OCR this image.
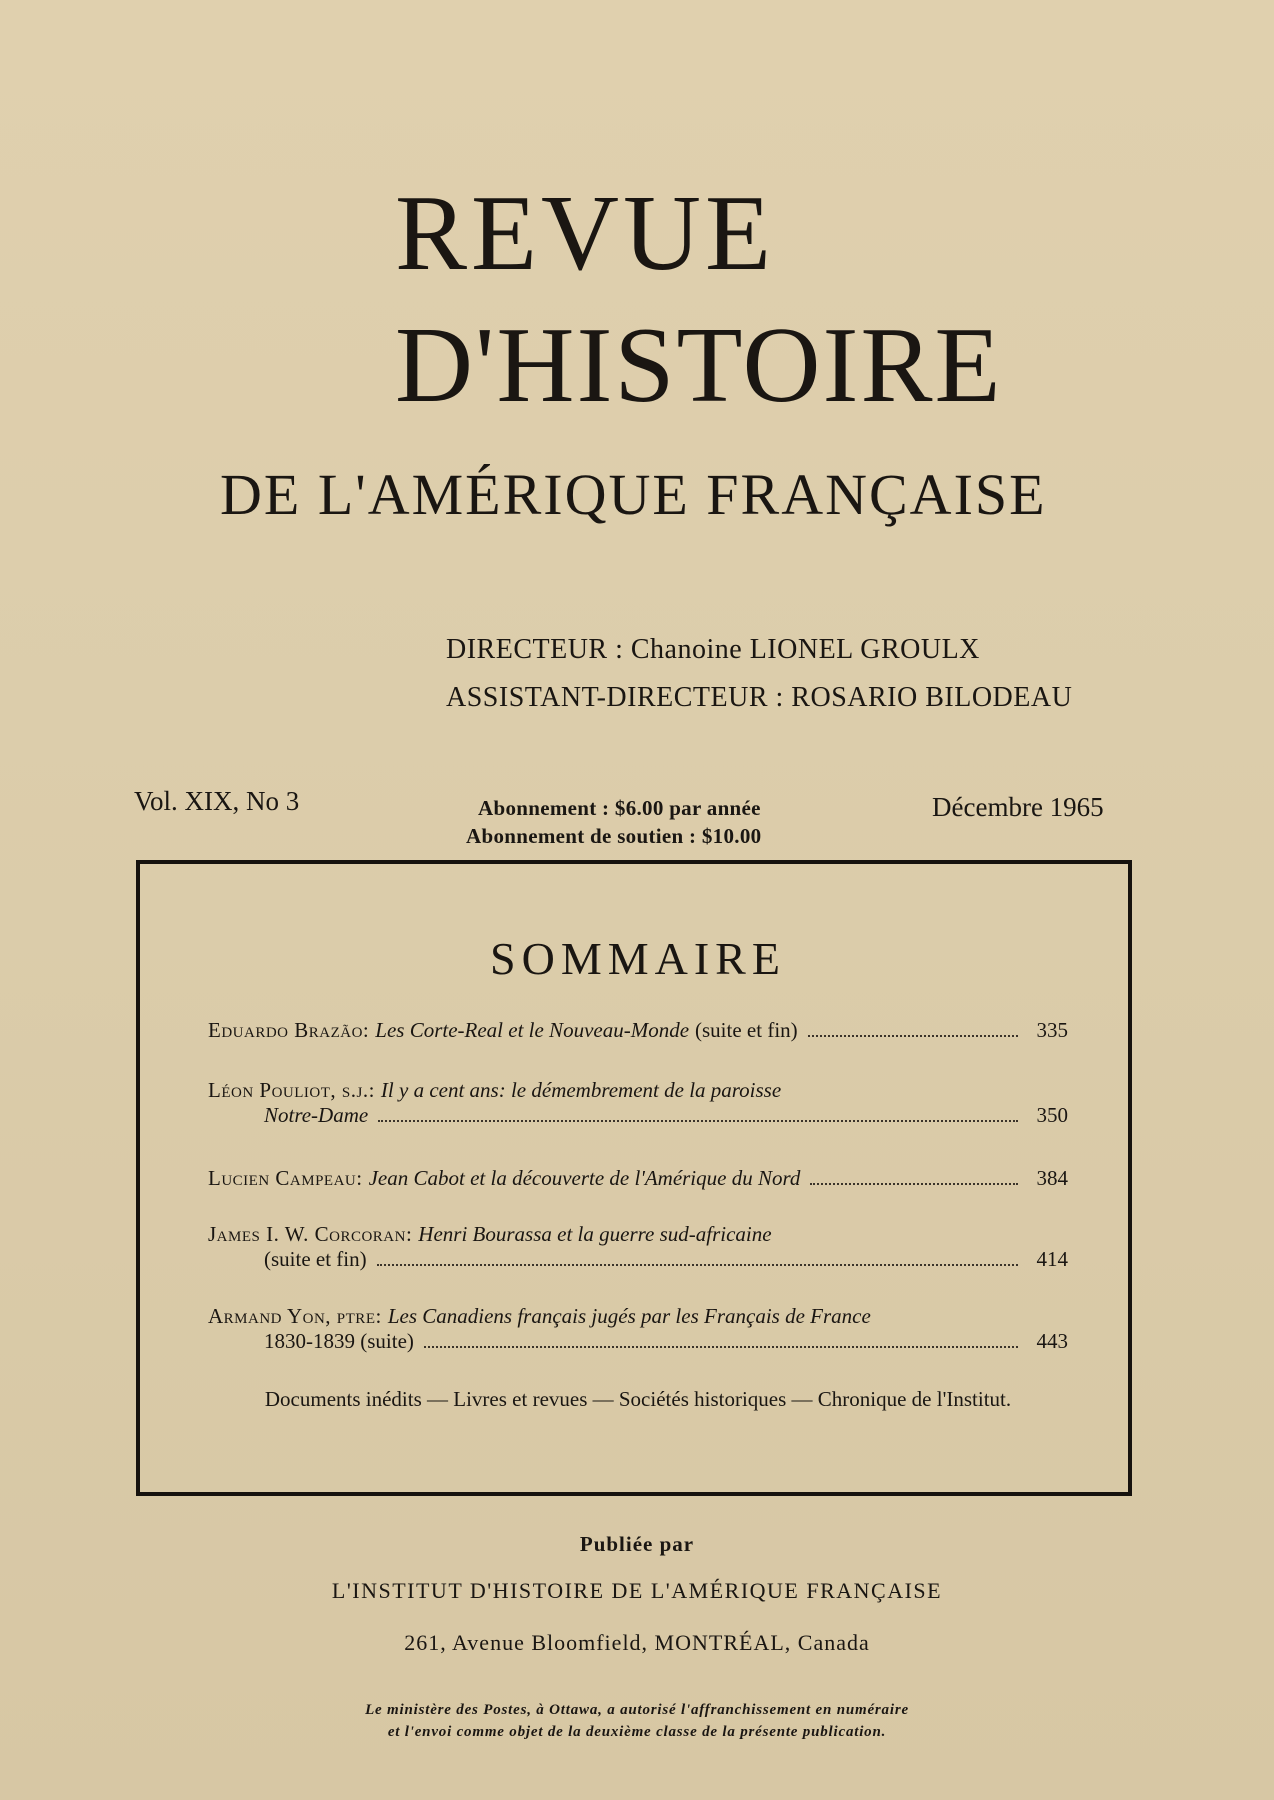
REVUE
D'HISTOIRE
DE L'AMÉRIQUE FRANÇAISE
DIRECTEUR : Chanoine LIONEL GROULX
ASSISTANT-DIRECTEUR : ROSARIO BILODEAU
Vol. XIX, No 3	Abonnement : $6.00 par année
Abonnement de soutien : $10.00
Décembre 1965
SOMMAIRE
Eduardo Brazão: Les Corte-Real et le Nouveau-Monde (suite et fin)	335
Léon Pouliot, s.j.: Il y a cent ans: le démembrement de la paroisse
Notre-Dame	350
Lucien Campeau: Jean Cabot et la découverte de l'Amérique du Nord	384
James I. W. Corcoran: Henri Bourassa et la guerre sud-africaine
(suite et fin)	414
Armand Yon, ptre: Les Canadiens français jugés par les Français de France
1830-1839 (suite)	443
Documents inédits — Livres et revues — Sociétés historiques — Chronique de l'Institut.
Publiée par
L'INSTITUT D'HISTOIRE DE L'AMÉRIQUE FRANÇAISE
261, Avenue Bloomfield, MONTRÉAL, Canada
Le ministère des Postes, à Ottawa, a autorisé l'affranchissement en numéraire
et l'envoi comme objet de la deuxième classe de la présente publication.
